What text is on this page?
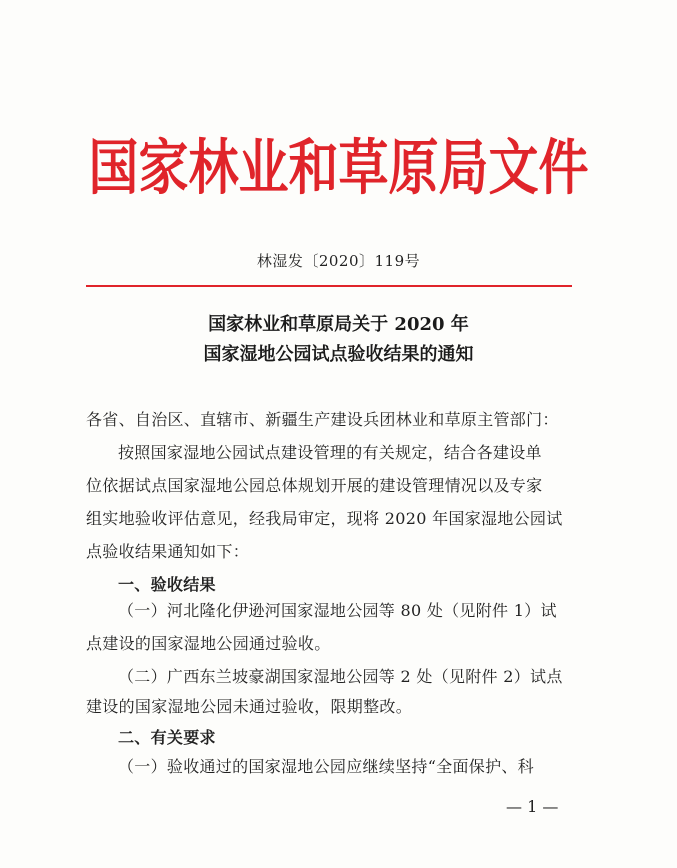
国家林业和草原局文件
林湿发〔2020〕119号
国家林业和草原局关于 2020 年
国家湿地公园试点验收结果的通知
各省、自治区、直辖市、新疆生产建设兵团林业和草原主管部门：
按照国家湿地公园试点建设管理的有关规定，结合各建设单
位依据试点国家湿地公园总体规划开展的建设管理情况以及专家
组实地验收评估意见，经我局审定，现将 2020 年国家湿地公园试
点验收结果通知如下：
一、验收结果
（一）河北隆化伊逊河国家湿地公园等 80 处（见附件 1）试
点建设的国家湿地公园通过验收。
（二）广西东兰坡豪湖国家湿地公园等 2 处（见附件 2）试点
建设的国家湿地公园未通过验收，限期整改。
二、有关要求
（一）验收通过的国家湿地公园应继续坚持“全面保护、科
— 1 —
